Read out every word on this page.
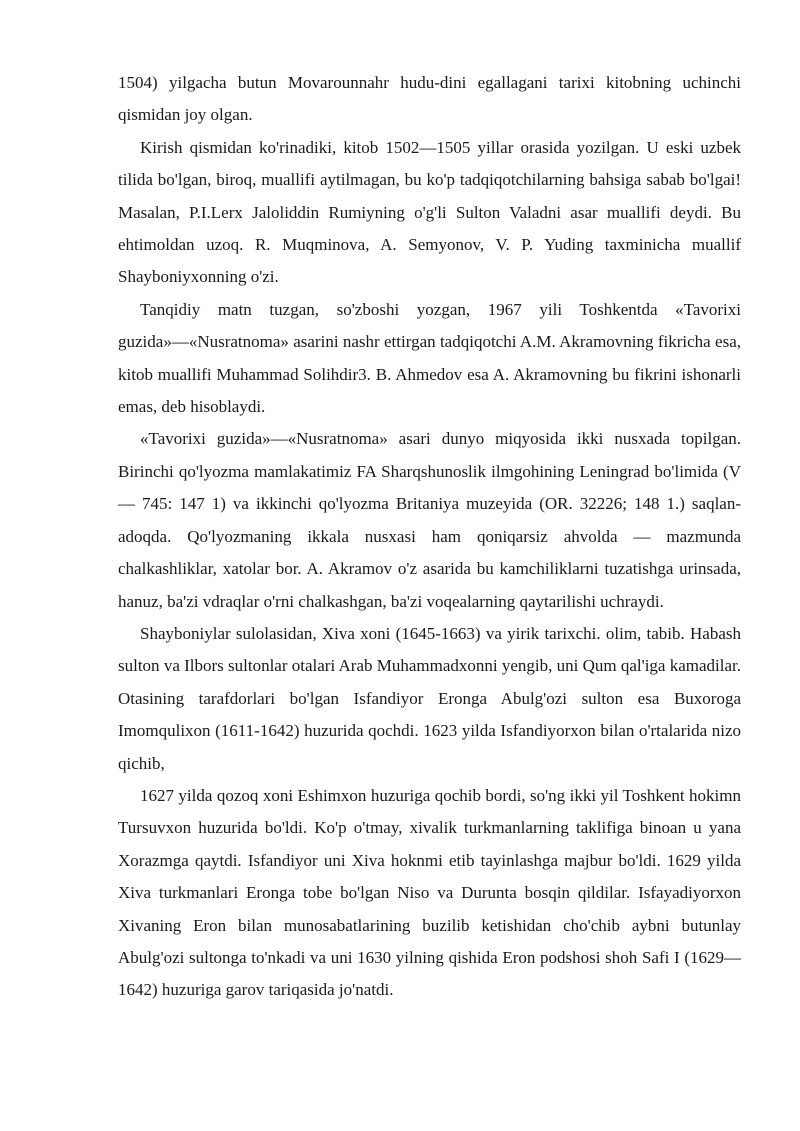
1504) yilgacha butun Movarounnahr hudu-dini egallagani tarixi kitobning uchinchi qismidan joy olgan.

Kirish qismidan ko'rinadiki, kitob 1502—1505 yillar orasida yozilgan. U eski uzbek tilida bo'lgan, biroq, muallifi aytilmagan, bu ko'p tadqiqotchilarning bahsiga sabab bo'lgai! Masalan, P.I.Lerx Jaloliddin Rumiyning o'g'li Sulton Valadni asar muallifi deydi. Bu ehtimoldan uzoq. R. Muqminova, A. Semyonov, V. P. Yuding taxminicha muallif Shayboniyxonning o'zi.

Tanqidiy matn tuzgan, so'zboshi yozgan, 1967 yili Toshkentda «Tavorixi guzida»—«Nusratnoma» asarini nashr ettirgan tadqiqotchi A.M. Akramovning fikricha esa, kitob muallifi Muhammad Solihdir3. B. Ahmedov esa A. Akramovning bu fikrini ishonarli emas, deb hisoblaydi.

«Tavorixi guzida»—«Nusratnoma» asari dunyo miqyosida ikki nusxada topilgan. Birinchi qo'lyozma mamlakatimiz FA Sharqshunoslik ilmgohining Leningrad bo'limida (V — 745: 147 1) va ikkinchi qo'lyozma Britaniya muzeyida (OR. 32226; 148 1.) saqlan-adoqda. Qo'lyozmaning ikkala nusxasi ham qoniqarsiz ahvolda — mazmunda chalkashliklar, xatolar bor. A. Akramov o'z asarida bu kamchiliklarni tuzatishga urinsada, hanuz, ba'zi vdraqlar o'rni chalkashgan, ba'zi voqealarning qaytarilishi uchraydi.

Shayboniylar sulolasidan, Xiva xoni (1645-1663) va yirik tarixchi. olim, tabib. Habash sulton va Ilbors sultonlar otalari Arab Muhammadxonni yengib, uni Qum qal'iga kamadilar. Otasining tarafdorlari bo'lgan Isfandiyor Eronga Abulg'ozi sulton esa Buxoroga Imomqulixon (1611-1642) huzurida qochdi. 1623 yilda Isfandiyorxon bilan o'rtalarida nizo qichib,

1627 yilda qozoq xoni Eshimxon huzuriga qochib bordi, so'ng ikki yil Toshkent hokimn Tursuvxon huzurida bo'ldi. Ko'p o'tmay, xivalik turkmanlarning taklifiga binoan u yana Xorazmga qaytdi. Isfandiyor uni Xiva hoknmi etib tayinlashga majbur bo'ldi. 1629 yilda Xiva turkmanlari Eronga tobe bo'lgan Niso va Durunta bosqin qildilar. Isfayadiyorxon Xivaning Eron bilan munosabatlarining buzilib ketishidan cho'chib aybni butunlay Abulg'ozi sultonga to'nkadi va uni 1630 yilning qishida Eron podshosi shoh Safi I (1629—1642) huzuriga garov tariqasida jo'natdi.
